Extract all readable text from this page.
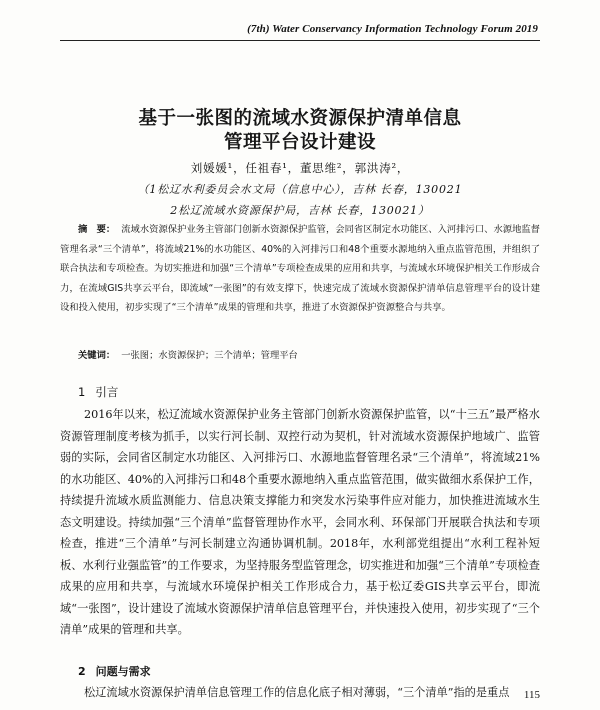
(7th) Water Conservancy Information Technology Forum 2019
基于一张图的流域水资源保护清单信息
管理平台设计建设
刘媛媛¹，任祖春¹，董思维²，郭洪涛²，
（1松辽水利委员会水文局（信息中心），吉林 长春，130021
2松辽流域水资源保护局，吉林 长春，130021）
摘　要： 流域水资源保护业务主管部门创新水资源保护监管，会同省区制定水功能区、入河排污口、水源地监督管理名录“三个清单”，将流域21%的水功能区、40%的入河排污口和48个重要水源地纳入重点监管范围，并组织了联合执法和专项检查。为切实推进和加强“三个清单”专项检查成果的应用和共享，与流域水环境保护相关工作形成合力，在流域GIS共享云平台，即流域“一张图”的有效支撑下，快速完成了流域水资源保护清单信息管理平台的设计建设和投入使用，初步实现了“三个清单”成果的管理和共享，推进了水资源保护资源整合与共享。
关键词： 一张图；水资源保护；三个清单；管理平台
1 引言
2016年以来，松辽流域水资源保护业务主管部门创新水资源保护监管，以“十三五”最严格水资源管理制度考核为抓手，以实行河长制、双控行动为契机，针对流域水资源保护地域广、监管弱的实际，会同省区制定水功能区、入河排污口、水源地监督管理名录“三个清单”，将流域21%的水功能区、40%的入河排污口和48个重要水源地纳入重点监管范围，做实做细水系保护工作，持续提升流域水质监测能力、信息决策支撑能力和突发水污染事件应对能力，加快推进流域水生态文明建设。持续加强“三个清单”监督管理协作水平，会同水利、环保部门开展联合执法和专项检查，推进“三个清单”与河长制建立沟通协调机制。2018年，水利部党组提出“水利工程补短板、水利行业强监管”的工作要求，为坚持服务型监管理念，切实推进和加强“三个清单”专项检查成果的应用和共享，与流域水环境保护相关工作形成合力，基于松辽委GIS共享云平台，即流域“一张图”，设计建设了流域水资源保护清单信息管理平台，并快速投入使用，初步实现了“三个清单”成果的管理和共享。
2 问题与需求
松辽流域水资源保护清单信息管理工作的信息化底子相对薄弱，“三个清单”指的是重点	115
